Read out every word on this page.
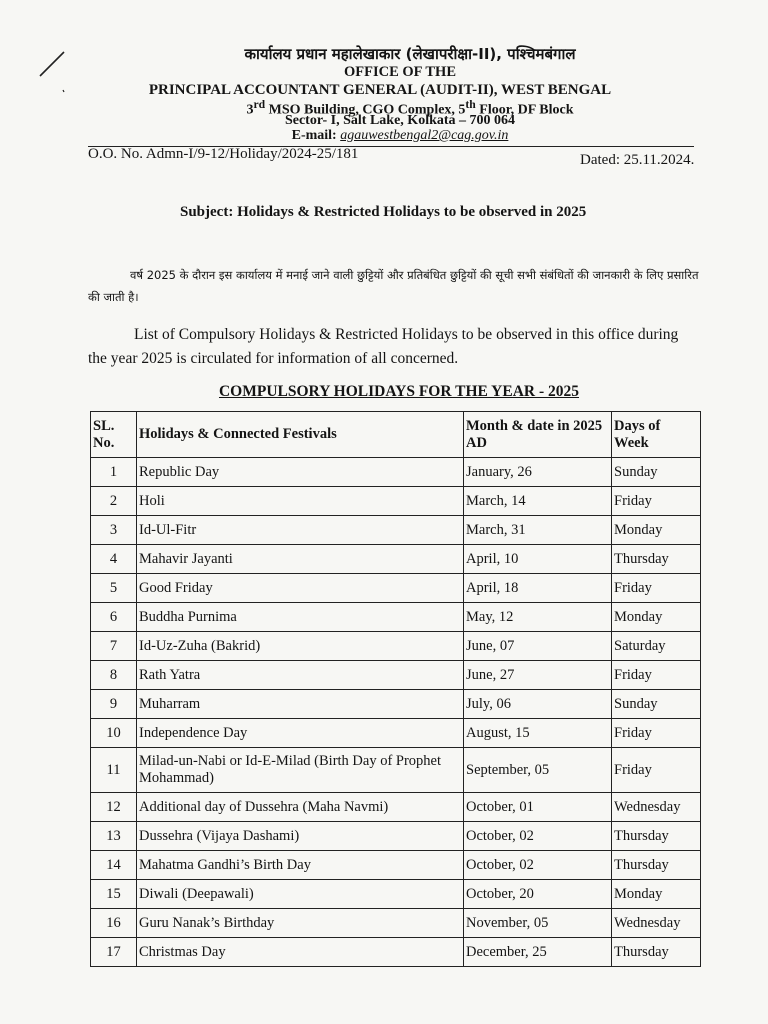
कार्यालय प्रधान महालेखाकार (लेखापरीक्षा-II), पश्चिमबंगाल
OFFICE OF THE
PRINCIPAL ACCOUNTANT GENERAL (AUDIT-II), WEST BENGAL
3rd MSO Building, CGO Complex, 5th Floor, DF Block
Sector- I, Salt Lake, Kolkata – 700 064
E-mail: agauwestbengal2@cag.gov.in
O.O. No. Admn-I/9-12/Holiday/2024-25/181	Dated: 25.11.2024.
Subject: Holidays & Restricted Holidays to be observed in 2025
वर्ष 2025 के दौरान इस कार्यालय में मनाई जाने वाली छुट्टियों और प्रतिबंधित छुट्टियों की सूची सभी संबंधितों की जानकारी के लिए प्रसारित की जाती है।
List of Compulsory Holidays & Restricted Holidays to be observed in this office during the year 2025 is circulated for information of all concerned.
COMPULSORY HOLIDAYS FOR THE YEAR - 2025
SL. No.	Holidays & Connected Festivals	Month & date in 2025 AD	Days of Week
1	Republic Day	January, 26	Sunday
2	Holi	March, 14	Friday
3	Id-Ul-Fitr	March, 31	Monday
4	Mahavir Jayanti	April, 10	Thursday
5	Good Friday	April, 18	Friday
6	Buddha Purnima	May, 12	Monday
7	Id-Uz-Zuha (Bakrid)	June, 07	Saturday
8	Rath Yatra	June, 27	Friday
9	Muharram	July, 06	Sunday
10	Independence Day	August, 15	Friday
11	Milad-un-Nabi or Id-E-Milad (Birth Day of Prophet Mohammad)	September, 05	Friday
12	Additional day of Dussehra (Maha Navmi)	October, 01	Wednesday
13	Dussehra (Vijaya Dashami)	October, 02	Thursday
14	Mahatma Gandhi’s Birth Day	October, 02	Thursday
15	Diwali (Deepawali)	October, 20	Monday
16	Guru Nanak’s Birthday	November, 05	Wednesday
17	Christmas Day	December, 25	Thursday
